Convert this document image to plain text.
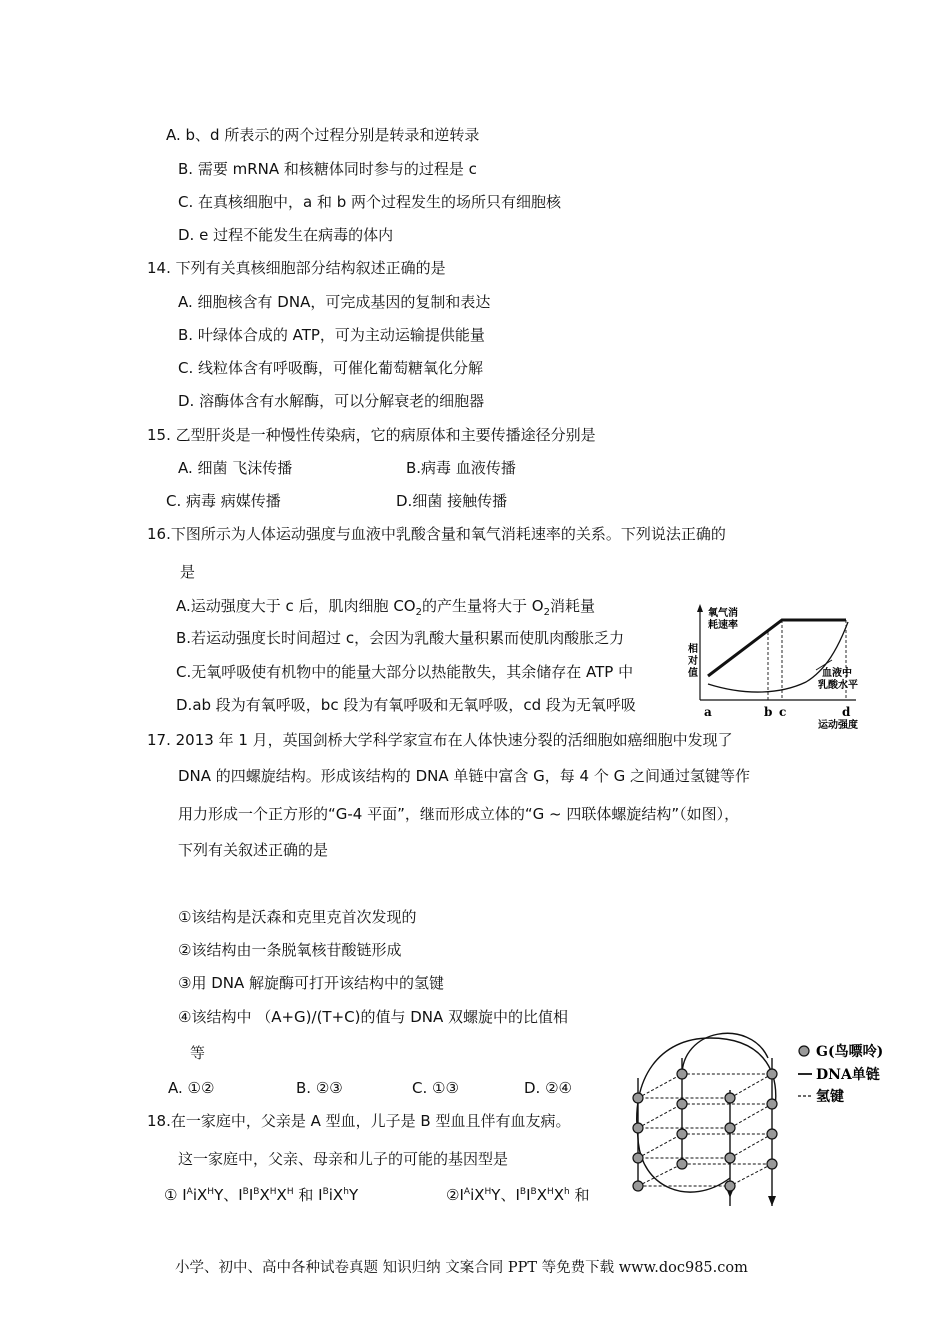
A. b、d 所表示的两个过程分别是转录和逆转录
B. 需要 mRNA 和核糖体同时参与的过程是 c
C. 在真核细胞中，a 和 b 两个过程发生的场所只有细胞核
D. e 过程不能发生在病毒的体内
14. 下列有关真核细胞部分结构叙述正确的是
A. 细胞核含有 DNA，可完成基因的复制和表达
B. 叶绿体合成的 ATP，可为主动运输提供能量
C. 线粒体含有呼吸酶，可催化葡萄糖氧化分解
D. 溶酶体含有水解酶，可以分解衰老的细胞器
15. 乙型肝炎是一种慢性传染病，它的病原体和主要传播途径分别是
A. 细菌 飞沫传播	B.病毒 血液传播
C. 病毒 病媒传播	D.细菌 接触传播
16.下图所示为人体运动强度与血液中乳酸含量和氧气消耗速率的关系。下列说法正确的
是
A.运动强度大于 c 后，肌肉细胞 $CO_2$的产生量将大于 $O_2$消耗量
B.若运动强度长时间超过 c，会因为乳酸大量积累而使肌肉酸胀乏力
C.无氧呼吸使有机物中的能量大部分以热能散失，其余储存在 ATP 中
D.ab 段为有氧呼吸，bc 段为有氧呼吸和无氧呼吸，cd 段为无氧呼吸
相
对
值
氧气消
耗速率
血液中
乳酸水平
a	b c	d
运动强度
17. 2013 年 1 月，英国剑桥大学科学家宣布在人体快速分裂的活细胞如癌细胞中发现了
DNA 的四螺旋结构。形成该结构的 DNA 单链中富含 G，每 4 个 G 之间通过氢键等作
用力形成一个正方形的“G-4 平面”，继而形成立体的“G ~ 四联体螺旋结构”（如图），
下列有关叙述正确的是
①该结构是沃森和克里克首次发现的
②该结构由一条脱氧核苷酸链形成
③用 DNA 解旋酶可打开该结构中的氢键
④该结构中 （A+G)/(T+C)的值与 DNA 双螺旋中的比值相
等
A. ①②	B. ②③	C. ①③	D. ②④
G(鸟嘌呤)
DNA单链
氢键
18.在一家庭中，父亲是 A 型血，儿子是 B 型血且伴有血友病。
这一家庭中，父亲、母亲和儿子的可能的基因型是
① $I^AiX^HY$、$I^BI^BX^HX^H$ 和 $I^BiX^hY$	$②I^AiX^HY$、$I^BI^BX^HX^h$ 和
小学、初中、高中各种试卷真题 知识归纳 文案合同 PPT 等免费下载 www.doc985.com
